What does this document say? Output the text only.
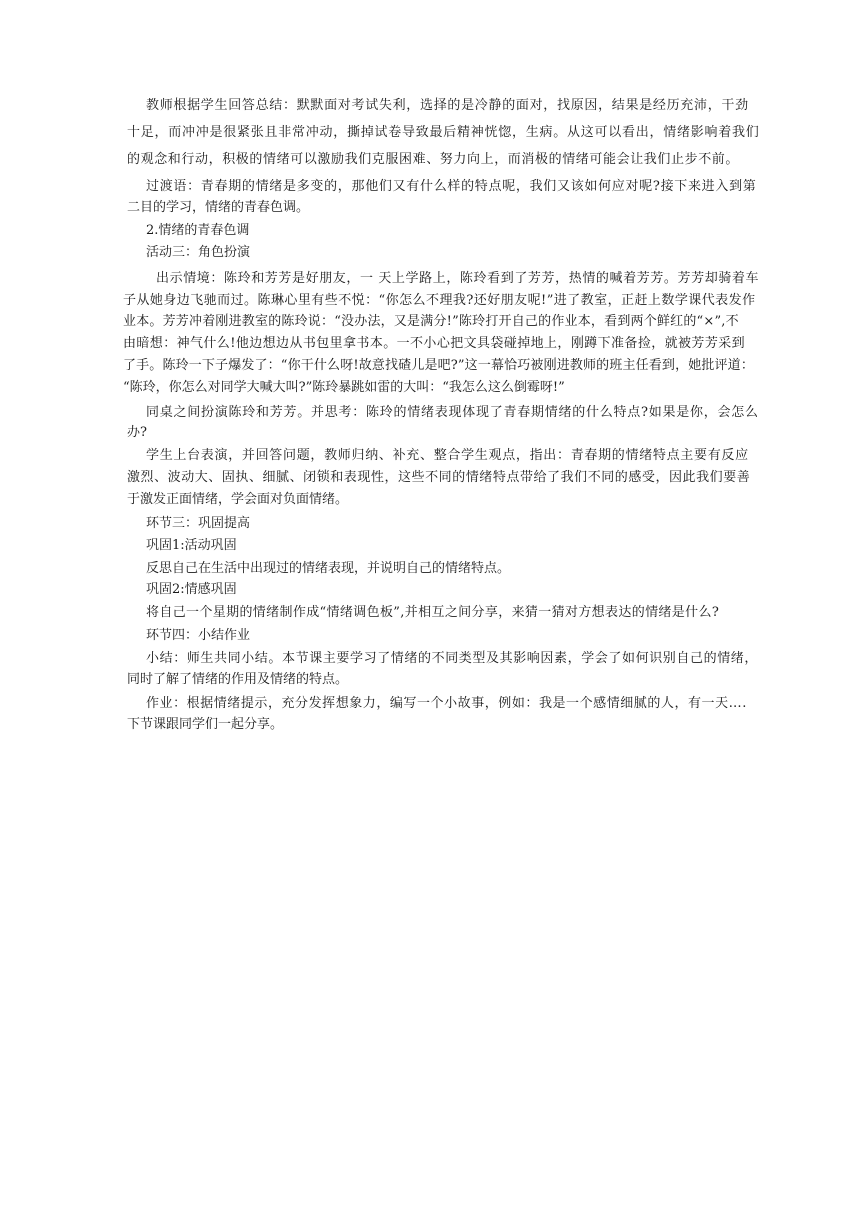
教师根据学生回答总结：默默面对考试失利，选择的是冷静的面对，找原因，结果是经历充沛，干劲
十足，而冲冲是很紧张且非常冲动，撕掉试卷导致最后精神恍惚，生病。从这可以看出，情绪影响着我们
的观念和行动，积极的情绪可以激励我们克服困难、努力向上，而消极的情绪可能会让我们止步不前。
过渡语：青春期的情绪是多变的，那他们又有什么样的特点呢，我们又该如何应对呢?接下来进入到第
二目的学习，情绪的青春色调。
2.情绪的青春色调
活动三：角色扮演
出示情境：陈玲和芳芳是好朋友，一 天上学路上，陈玲看到了芳芳，热情的喊着芳芳。芳芳却骑着车
子从她身边飞驰而过。陈琳心里有些不悦：“你怎么不理我?还好朋友呢!”进了教室，正赶上数学课代表发作
业本。芳芳冲着刚进教室的陈玲说：“没办法，又是满分!”陈玲打开自己的作业本，看到两个鲜红的“×”,不
由暗想：神气什么!他边想边从书包里拿书本。一不小心把文具袋碰掉地上，刚蹲下准备捡，就被芳芳采到
了手。陈玲一下子爆发了：“你干什么呀!故意找碴儿是吧?”这一幕恰巧被刚进教师的班主任看到，她批评道：
“陈玲，你怎么对同学大喊大叫?”陈玲暴跳如雷的大叫：“我怎么这么倒霉呀!”
同桌之间扮演陈玲和芳芳。并思考：陈玲的情绪表现体现了青春期情绪的什么特点?如果是你，会怎么
办?
学生上台表演，并回答问题，教师归纳、补充、整合学生观点，指出：青春期的情绪特点主要有反应
激烈、波动大、固执、细腻、闭锁和表现性，这些不同的情绪特点带给了我们不同的感受，因此我们要善
于激发正面情绪，学会面对负面情绪。
环节三：巩固提高
巩固1:活动巩固
反思自己在生活中出现过的情绪表现，并说明自己的情绪特点。
巩固2:情感巩固
将自己一个星期的情绪制作成“情绪调色板”,并相互之间分享，来猜一猜对方想表达的情绪是什么?
环节四：小结作业
小结：师生共同小结。本节课主要学习了情绪的不同类型及其影响因素，学会了如何识别自己的情绪，
同时了解了情绪的作用及情绪的特点。
作业：根据情绪提示，充分发挥想象力，编写一个小故事，例如：我是一个感情细腻的人，有一天….
下节课跟同学们一起分享。
